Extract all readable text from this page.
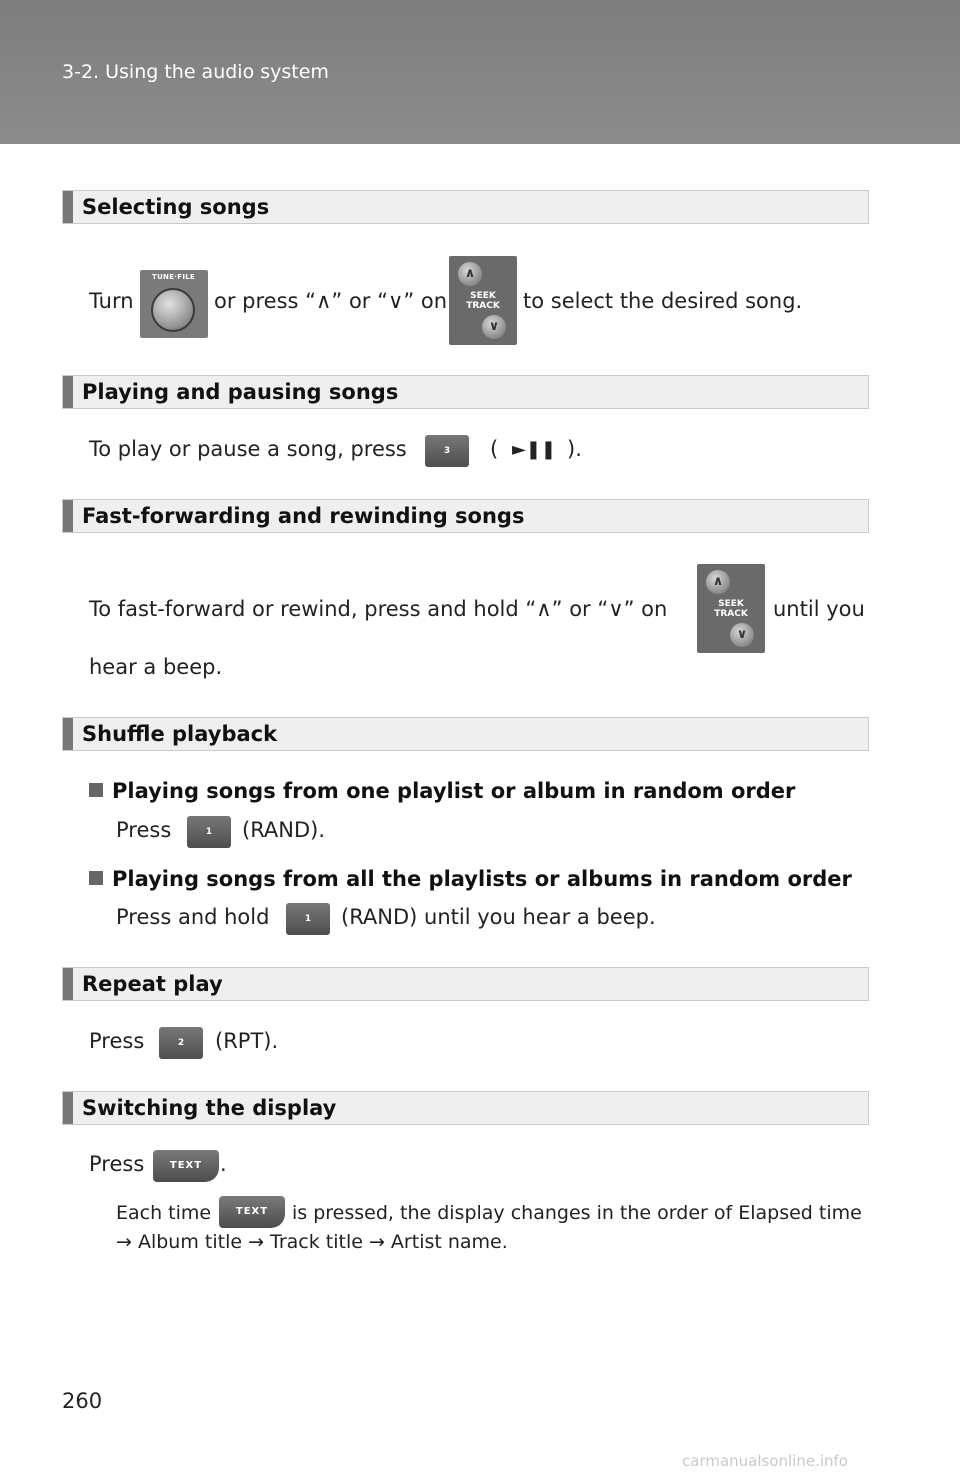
3-2. Using the audio system
Selecting songs
Turn
TUNE·FILE
or press “∧” or “∨” on
∧
SEEK TRACK
∨
to select the desired song.
Playing and pausing songs
To play or pause a song, press	3	( ►❚❚ ).
Fast-forwarding and rewinding songs
To fast-forward or rewind, press and hold “∧” or “∨” on
∧
SEEK TRACK
∨
until you
hear a beep.
Shuffle playback
Playing songs from one playlist or album in random order
Press	1	(RAND).
Playing songs from all the playlists or albums in random order
Press and hold	1	(RAND) until you hear a beep.
Repeat play
Press	2	(RPT).
Switching the display
Press	TEXT .
Each time	TEXT	is pressed, the display changes in the order of Elapsed time
→ Album title → Track title → Artist name.
260
carmanualsonline.info
